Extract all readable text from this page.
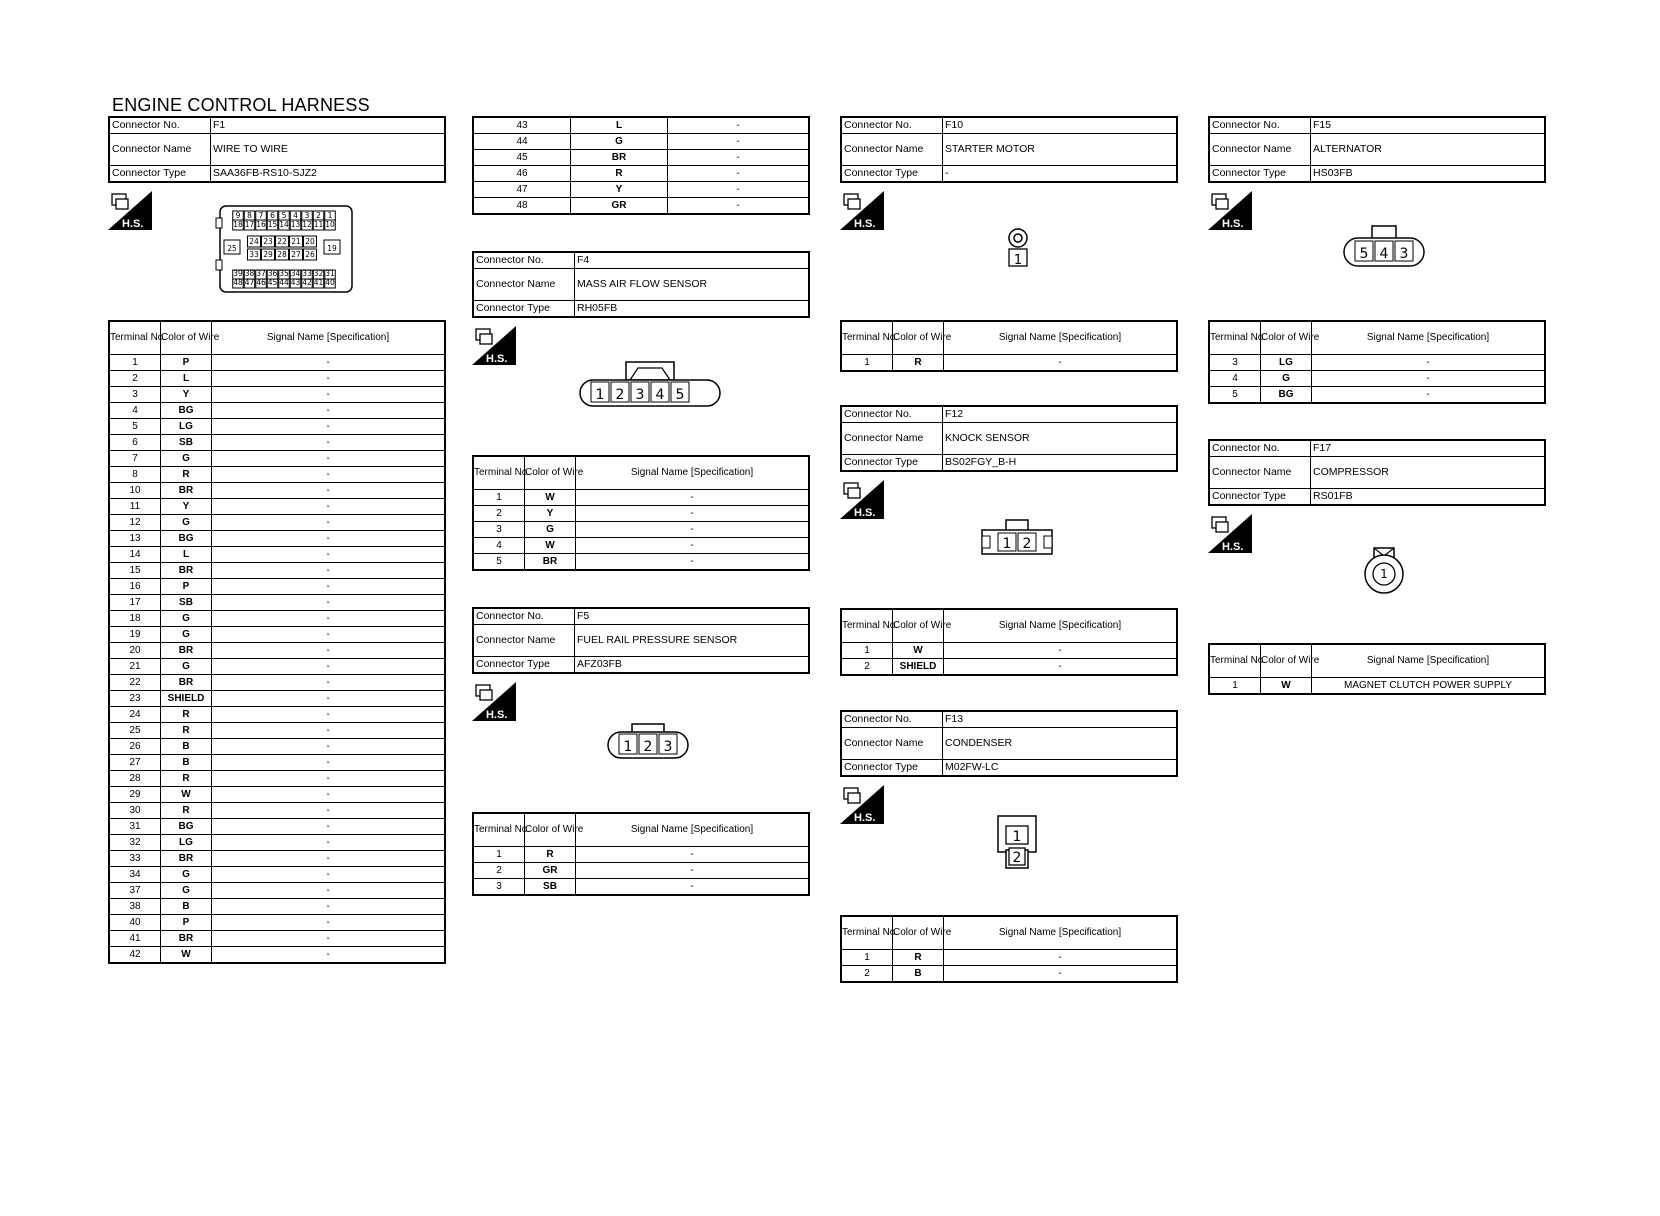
ENGINE CONTROL HARNESS
Connector No.	F1
Connector Name	WIRE TO WIRE
Connector Type	SAA36FB-RS10-SJZ2
H.S.
9 8 7 6 5 4 3 2 1
18 17 16 15 14 13 12 11 10
24 23 22 21 20
33 29 28 27 26
25	19
39 38 37 36 35 34 33 32 31
48 47 46 45 44 43 42 41 40
Terminal No.	Color of Wire	Signal Name [Specification]
1	P	-
2	L	-
3	Y	-
4	BG	-
5	LG	-
6	SB	-
7	G	-
8	R	-
10	BR	-
11	Y	-
12	G	-
13	BG	-
14	L	-
15	BR	-
16	P	-
17	SB	-
18	G	-
19	G	-
20	BR	-
21	G	-
22	BR	-
23	SHIELD	-
24	R	-
25	R	-
26	B	-
27	B	-
28	R	-
29	W	-
30	R	-
31	BG	-
32	LG	-
33	BR	-
34	G	-
37	G	-
38	B	-
40	P	-
41	BR	-
42	W	-
43	L	-
44	G	-
45	BR	-
46	R	-
47	Y	-
48	GR	-
Connector No.	F4
Connector Name	MASS AIR FLOW SENSOR
Connector Type	RH05FB
H.S.
1 2 3 4 5
Terminal No.	Color of Wire	Signal Name [Specification]
1	W	-
2	Y	-
3	G	-
4	W	-
5	BR	-
Connector No.	F5
Connector Name	FUEL RAIL PRESSURE SENSOR
Connector Type	AFZ03FB
H.S.
1 2 3
Terminal No.	Color of Wire	Signal Name [Specification]
1	R	-
2	GR	-
3	SB	-
Connector No.	F10
Connector Name	STARTER MOTOR
Connector Type	-
H.S.
1
Terminal No.	Color of Wire	Signal Name [Specification]
1	R	-
Connector No.	F12
Connector Name	KNOCK SENSOR
Connector Type	BS02FGY_B-H
H.S.
1 2
Terminal No.	Color of Wire	Signal Name [Specification]
1	W	-
2	SHIELD	-
Connector No.	F13
Connector Name	CONDENSER
Connector Type	M02FW-LC
H.S.
1
2
Terminal No.	Color of Wire	Signal Name [Specification]
1	R	-
2	B	-
Connector No.	F15
Connector Name	ALTERNATOR
Connector Type	HS03FB
H.S.
5 4 3
Terminal No.	Color of Wire	Signal Name [Specification]
3	LG	-
4	G	-
5	BG	-
Connector No.	F17
Connector Name	COMPRESSOR
Connector Type	RS01FB
H.S.
1
Terminal No.	Color of Wire	Signal Name [Specification]
1	W	MAGNET CLUTCH POWER SUPPLY
